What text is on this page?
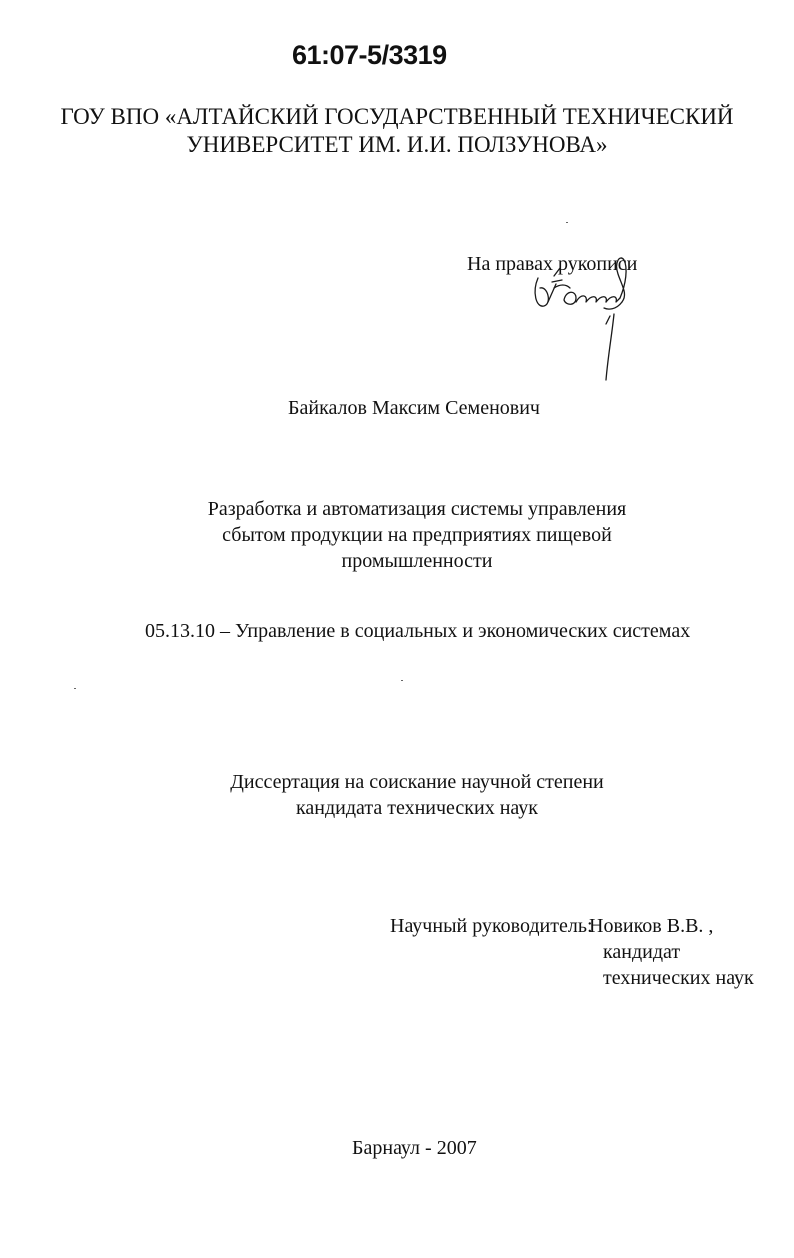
61:07-5/3319
ГОУ ВПО «АЛТАЙСКИЙ ГОСУДАРСТВЕННЫЙ ТЕХНИЧЕСКИЙ
УНИВЕРСИТЕТ ИМ. И.И. ПОЛЗУНОВА»
На правах рукописи
Байкалов Максим Семенович
Разработка и автоматизация системы управления
сбытом продукции на предприятиях пищевой
промышленности
05.13.10 – Управление в социальных и экономических системах
Диссертация на соискание научной степени
кандидата технических наук
Научный руководитель:
Новиков В.В. ,
кандидат
технических наук
Барнаул - 2007
